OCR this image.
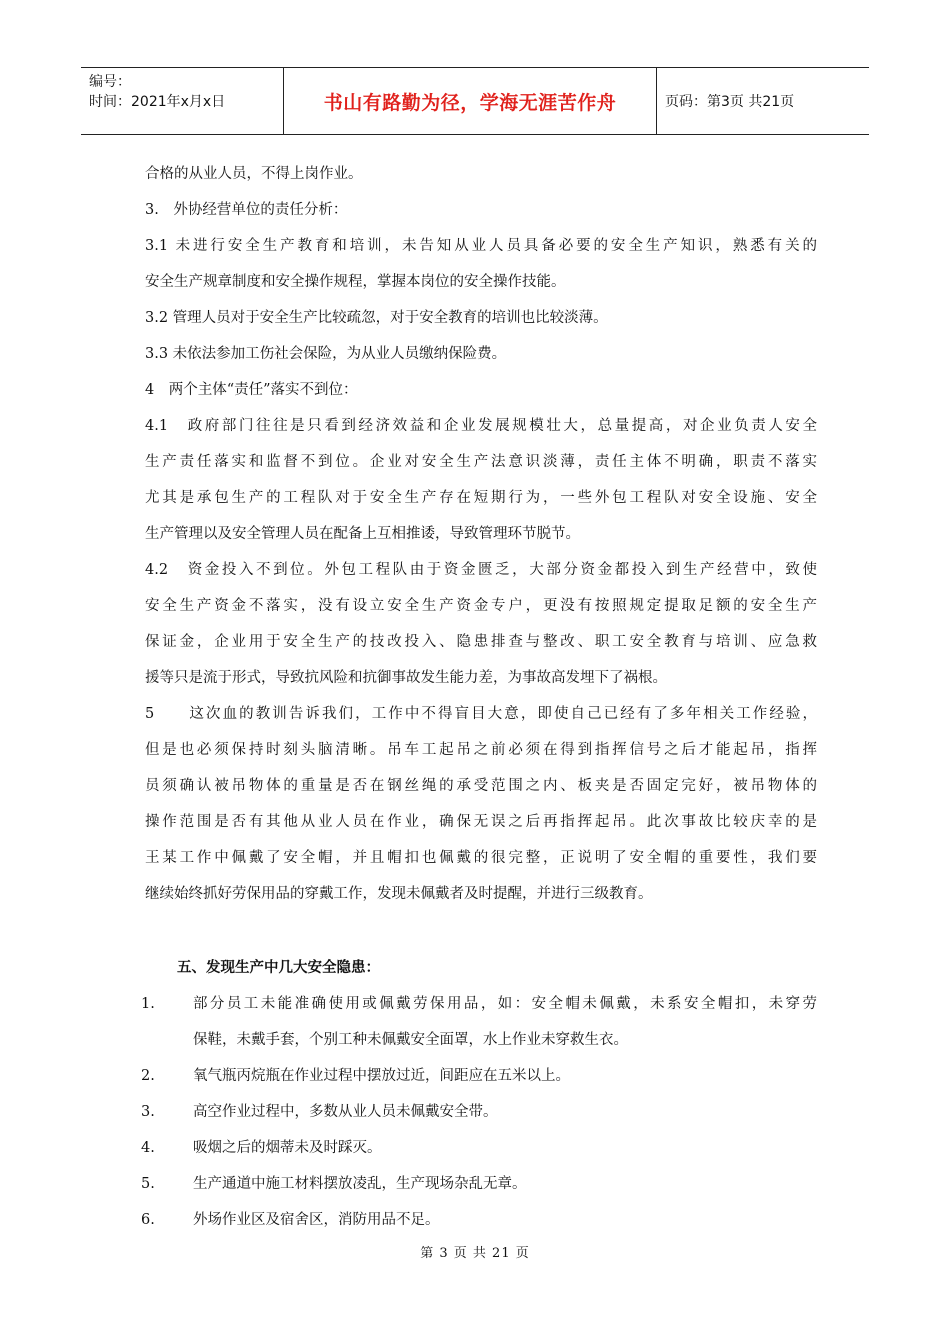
编号：
时间：2021年x月x日	书山有路勤为径，学海无涯苦作舟	页码：第3页 共21页
合格的从业人员，不得上岗作业。
3.　外协经营单位的责任分析：
3.1 未进行安全生产教育和培训，未告知从业人员具备必要的安全生产知识，熟悉有关的
安全生产规章制度和安全操作规程，掌握本岗位的安全操作技能。
3.2 管理人员对于安全生产比较疏忽，对于安全教育的培训也比较淡薄。
3.3 未依法参加工伤社会保险，为从业人员缴纳保险费。
4　两个主体“责任”落实不到位：
4.1　政府部门往往是只看到经济效益和企业发展规模壮大，总量提高，对企业负责人安全
生产责任落实和监督不到位。企业对安全生产法意识淡薄，责任主体不明确，职责不落实
尤其是承包生产的工程队对于安全生产存在短期行为，一些外包工程队对安全设施、安全
生产管理以及安全管理人员在配备上互相推诿，导致管理环节脱节。
4.2　资金投入不到位。外包工程队由于资金匮乏，大部分资金都投入到生产经营中，致使
安全生产资金不落实，没有设立安全生产资金专户，更没有按照规定提取足额的安全生产
保证金，企业用于安全生产的技改投入、隐患排查与整改、职工安全教育与培训、应急救
援等只是流于形式，导致抗风险和抗御事故发生能力差，为事故高发埋下了祸根。
5　　这次血的教训告诉我们，工作中不得盲目大意，即使自己已经有了多年相关工作经验，
但是也必须保持时刻头脑清晰。吊车工起吊之前必须在得到指挥信号之后才能起吊，指挥
员须确认被吊物体的重量是否在钢丝绳的承受范围之内、板夹是否固定完好，被吊物体的
操作范围是否有其他从业人员在作业，确保无误之后再指挥起吊。此次事故比较庆幸的是
王某工作中佩戴了安全帽，并且帽扣也佩戴的很完整，正说明了安全帽的重要性，我们要
继续始终抓好劳保用品的穿戴工作，发现未佩戴者及时提醒，并进行三级教育。
五、发现生产中几大安全隐患：
1.	部分员工未能准确使用或佩戴劳保用品，如：安全帽未佩戴，未系安全帽扣，未穿劳
保鞋，未戴手套，个别工种未佩戴安全面罩，水上作业未穿救生衣。
2.	氧气瓶丙烷瓶在作业过程中摆放过近，间距应在五米以上。
3.	高空作业过程中，多数从业人员未佩戴安全带。
4.	吸烟之后的烟蒂未及时踩灭。
5.	生产通道中施工材料摆放凌乱，生产现场杂乱无章。
6.	外场作业区及宿舍区，消防用品不足。
第 3 页 共 21 页
